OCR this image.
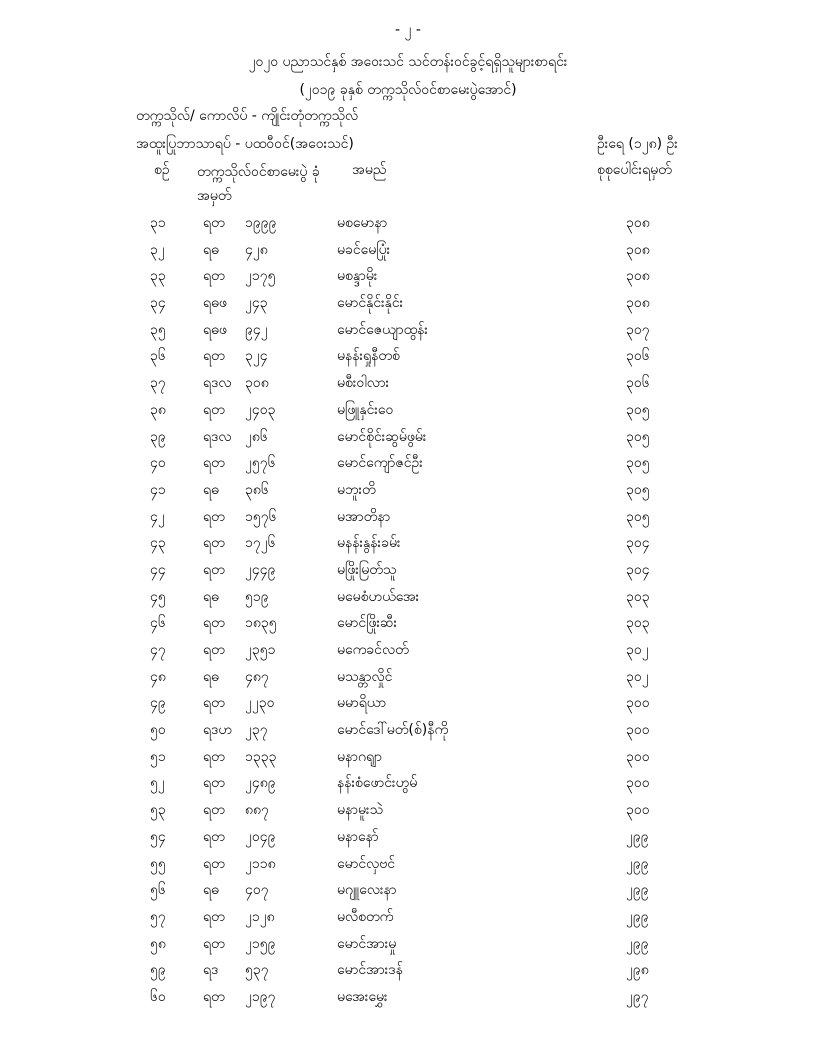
- ၂ -
၂၀၂၀ ပညာသင်နှစ် အဝေးသင် သင်တန်းဝင်ခွင့်ရရှိသူများစာရင်း
(၂၀၁၉ ခုနှစ် တက္ကသိုလ်ဝင်စာမေးပွဲအောင်)
တက္ကသိုလ်/ ကောလိပ် - ကျိုင်းတုံတက္ကသိုလ်
အထူးပြုဘာသာရပ် - ပထဝီဝင်(အဝေးသင်)	ဦးရေ (၁၂၈) ဦး
စဉ် တက္ကသိုလ်ဝင်စာမေးပွဲ ခုံအမှတ်
အမည်	စုစုပေါင်းရမှတ်
၃၁	ရတ ၁၉၉၉	မစမောနာ	၃၀၈
၃၂	ရဓ ၄၂၈	မခင်မေပြုံး	၃၀၈
၃၃	ရတ ၂၁၇၅	မစန္ဒာမိုး	၃၀၈
၃၄	ရဓဖ ၂၄၃	မောင်နိုင်းနိုင်း	၃၀၈
၃၅	ရဓဖ ၉၄၂	မောင်ဇေယျာထွန်း	၃၀၇
၃၆	ရတ ၃၂၄	မနန်းရှုနီတစ်	၃၀၆
၃၇	ရဒလ ၃၀၈	မစီးဝါလား	၃၀၆
၃၈	ရတ ၂၄၀၃	မဖြူနှင်းဝေ	၃၀၅
၃၉	ရဒလ ၂၈၆	မောင်စိုင်းဆွမ်ဖွမ်း	၃၀၅
၄၀	ရတ ၂၅၇၆	မောင်ကျော်ဇင်ဦး	၃၀၅
၄၁	ရဓ ၃၈၆	မဘူးတိ	၃၀၅
၄၂	ရတ ၁၅၇၆	မအာတိနာ	၃၀၅
၄၃	ရတ ၁၇၂၆	မနန်းနွန်းခမ်း	၃၀၄
၄၄	ရတ ၂၄၄၉	မဖြိုးမြတ်သူ	၃၀၄
၄၅	ရဓ ၅၁၉	မမေစံဟယ်အေး	၃၀၃
၄၆	ရတ ၁၈၃၅	မောင်ဖြိုးဆီး	၃၀၃
၄၇	ရတ ၂၃၅၁	မကေခင်လတ်	၃၀၂
၄၈	ရဓ ၄၈၇	မသန္တာလှိုင်	၃၀၂
၄၉	ရတ ၂၂၃၀	မမာရိယာ	၃၀၀
၅၀	ရဒဟ ၂၃၇	မောင်ဒေါ်မတ်(စ်)နီကို	၃၀၀
၅၁	ရတ ၁၃၃၃	မနာဂရျာ	၃၀၀
၅၂	ရတ ၂၄၈၉	နန်းစံဖောင်းဟွမ်	၃၀၀
၅၃	ရတ ၈၈၇	မနာမူးသဲ	၃၀၀
၅၄	ရတ ၂၀၄၉	မနာနော်	၂၉၉
၅၅	ရတ ၂၁၁၈	မောင်လှဗင်	၂၉၉
၅၆	ရဓ ၄၀၇	မဂျူလေးနာ	၂၉၉
၅၇	ရတ ၂၁၂၈	မလီစတက်	၂၉၉
၅၈	ရတ ၂၁၅၉	မောင်အားမှု	၂၉၉
၅၉	ရဒ ၅၃၇	မောင်အားဒန်	၂၉၈
၆၀	ရတ ၂၁၉၇	မအေးမွှေး	၂၉၇
